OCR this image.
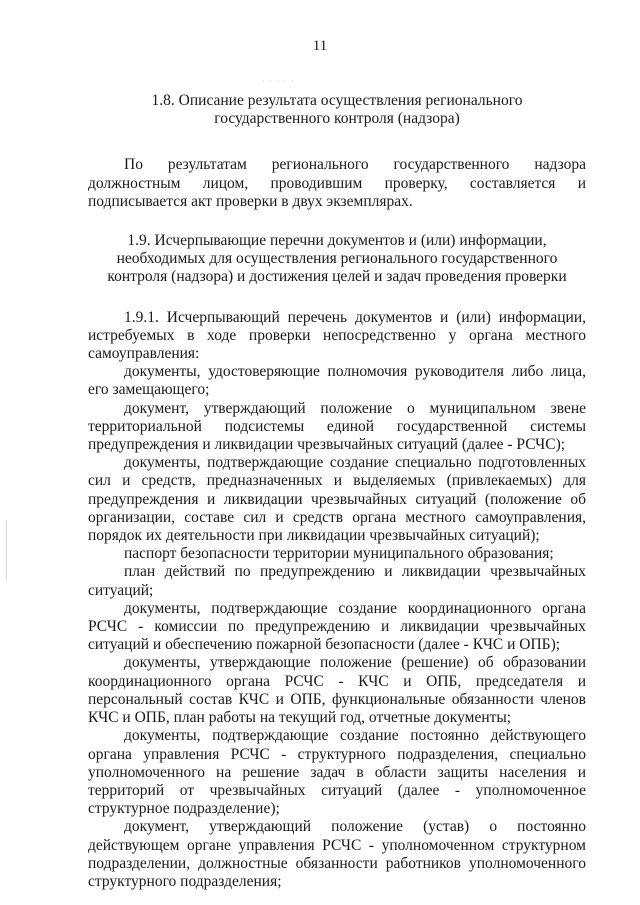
11
· · · · ·
1.8. Описание результата осуществления регионального
государственного контроля (надзора)

По результатам регионального государственного надзора должностным лицом, проводившим проверку, составляется и подписывается акт проверки в двух экземплярах.

1.9. Исчерпывающие перечни документов и (или) информации,
необходимых для осуществления регионального государственного
контроля (надзора) и достижения целей и задач проведения проверки

1.9.1. Исчерпывающий перечень документов и (или) информации, истребуемых в ходе проверки непосредственно у органа местного самоуправления:

документы, удостоверяющие полномочия руководителя либо лица, его замещающего;

документ, утверждающий положение о муниципальном звене территориальной подсистемы единой государственной системы предупреждения и ликвидации чрезвычайных ситуаций (далее - РСЧС);

документы, подтверждающие создание специально подготовленных сил и средств, предназначенных и выделяемых (привлекаемых) для предупреждения и ликвидации чрезвычайных ситуаций (положение об организации, составе сил и средств органа местного самоуправления, порядок их деятельности при ликвидации чрезвычайных ситуаций);

паспорт безопасности территории муниципального образования;

план действий по предупреждению и ликвидации чрезвычайных ситуаций;

документы, подтверждающие создание координационного органа РСЧС - комиссии по предупреждению и ликвидации чрезвычайных ситуаций и обеспечению пожарной безопасности (далее - КЧС и ОПБ);

документы, утверждающие положение (решение) об образовании координационного органа РСЧС - КЧС и ОПБ, председателя и персональный состав КЧС и ОПБ, функциональные обязанности членов КЧС и ОПБ, план работы на текущий год, отчетные документы;

документы, подтверждающие создание постоянно действующего органа управления РСЧС - структурного подразделения, специально уполномоченного на решение задач в области защиты населения и территорий от чрезвычайных ситуаций (далее - уполномоченное структурное подразделение);

документ, утверждающий положение (устав) о постоянно действующем органе управления РСЧС - уполномоченном структурном подразделении, должностные обязанности работников уполномоченного структурного подразделения;
